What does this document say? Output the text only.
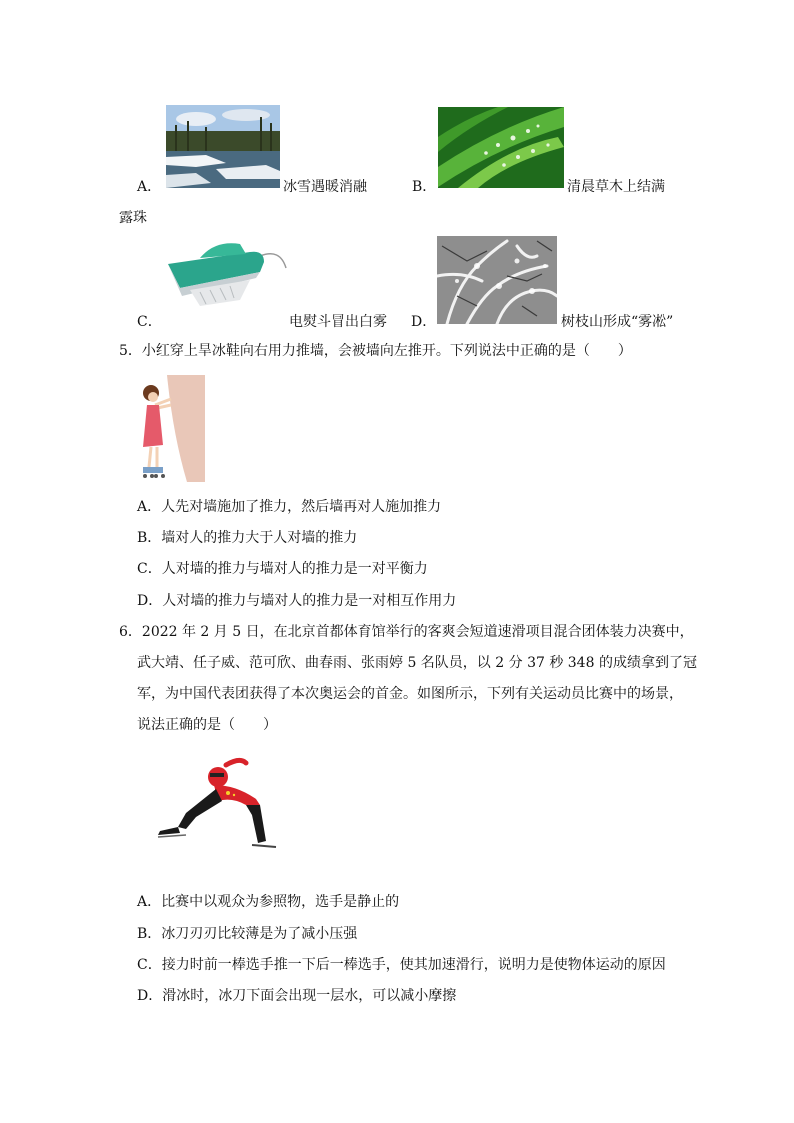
A．	冰雪遇暖消融	B．	清晨草木上结满
露珠
C．	电熨斗冒出白雾 D．	树枝山形成“雾凇”
5．小红穿上旱冰鞋向右用力推墙，会被墙向左推开。下列说法中正确的是（　　）
A．人先对墙施加了推力，然后墙再对人施加推力
B．墙对人的推力大于人对墙的推力
C．人对墙的推力与墙对人的推力是一对平衡力
D．人对墙的推力与墙对人的推力是一对相互作用力
6．2022 年 2 月 5 日，在北京首都体育馆举行的客爽会短道速滑项目混合团体装力决赛中，
武大靖、任子威、范可欣、曲春雨、张雨婷 5 名队员，以 2 分 37 秒 348 的成绩拿到了冠
军，为中国代表团获得了本次奥运会的首金。如图所示，下列有关运动员比赛中的场景，
说法正确的是（　　）
A．比赛中以观众为参照物，选手是静止的
B．冰刀刃刃比较薄是为了减小压强
C．接力时前一棒选手推一下后一棒选手，使其加速滑行，说明力是使物体运动的原因
D．滑冰时，冰刀下面会出现一层水，可以减小摩擦
